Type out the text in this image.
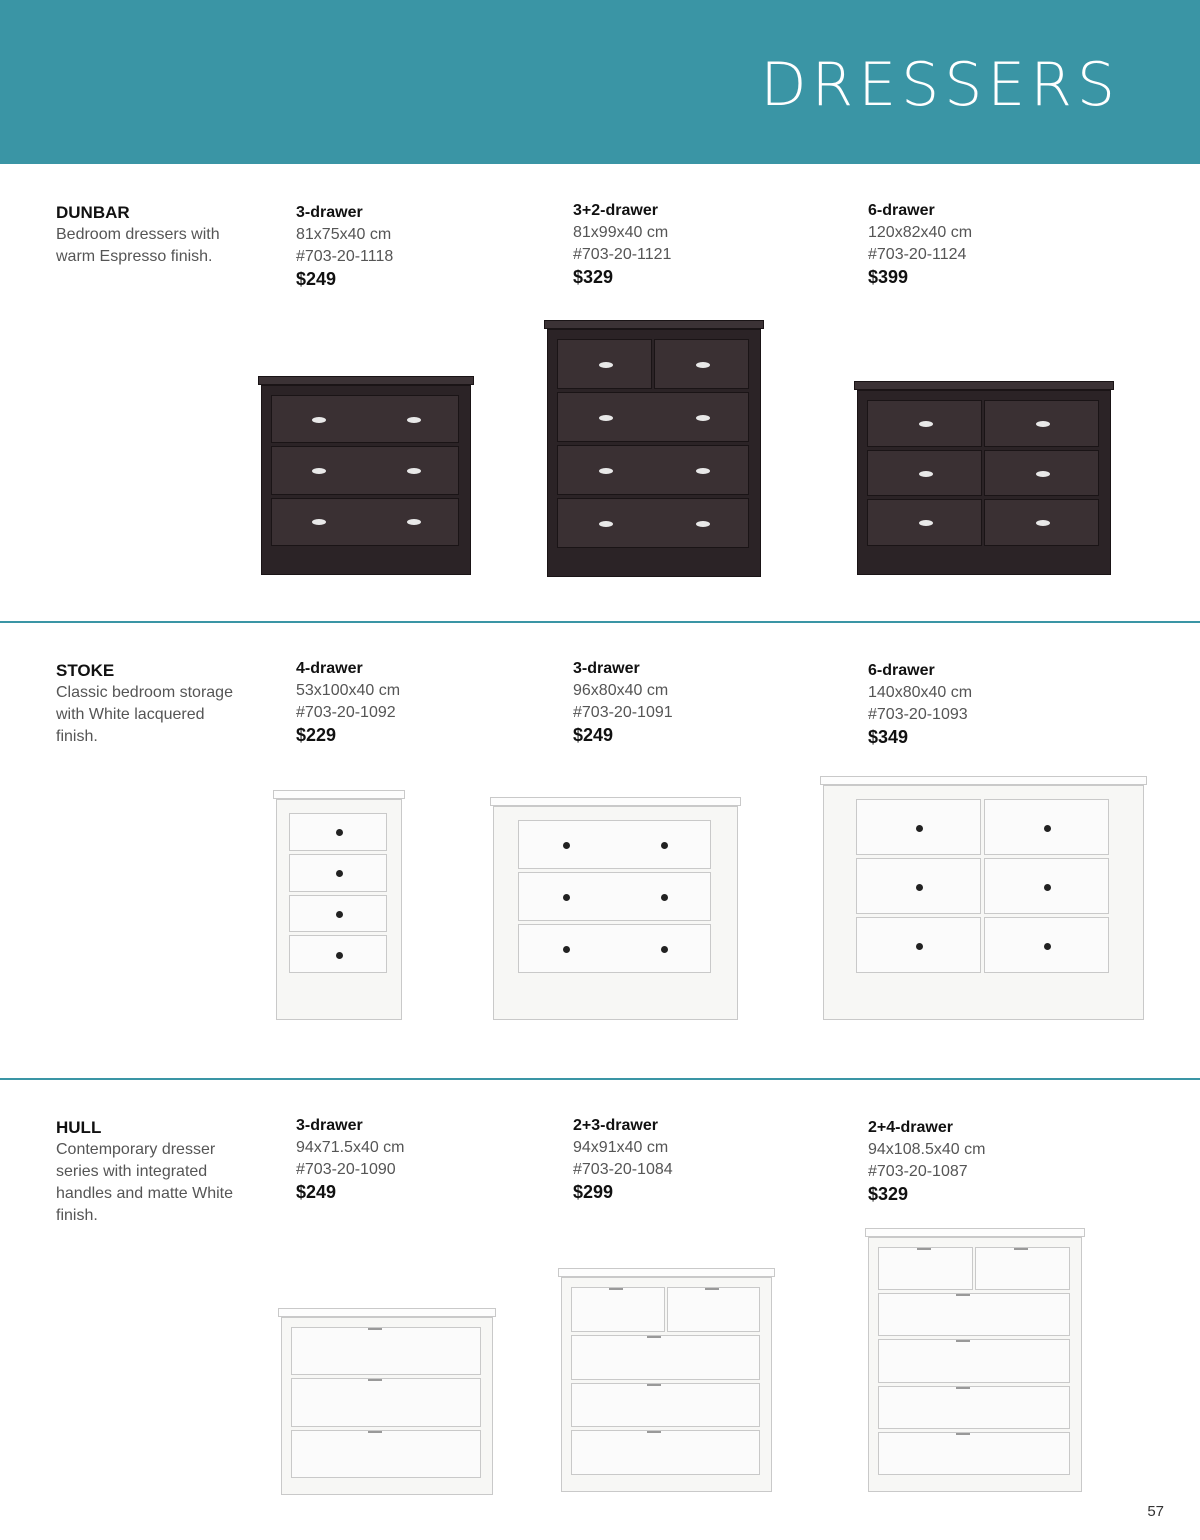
DRESSERS
DUNBAR
Bedroom dressers with warm Espresso finish.
3-drawer
81x75x40 cm
#703-20-1118
$249
3+2-drawer
81x99x40 cm
#703-20-1121
$329
6-drawer
120x82x40 cm
#703-20-1124
$399
STOKE
Classic bedroom storage with White lacquered finish.
4-drawer
53x100x40 cm
#703-20-1092
$229
3-drawer
96x80x40 cm
#703-20-1091
$249
6-drawer
140x80x40 cm
#703-20-1093
$349
HULL
Contemporary dresser series with integrated handles and matte White finish.
3-drawer
94x71.5x40 cm
#703-20-1090
$249
2+3-drawer
94x91x40 cm
#703-20-1084
$299
2+4-drawer
94x108.5x40 cm
#703-20-1087
$329
57
